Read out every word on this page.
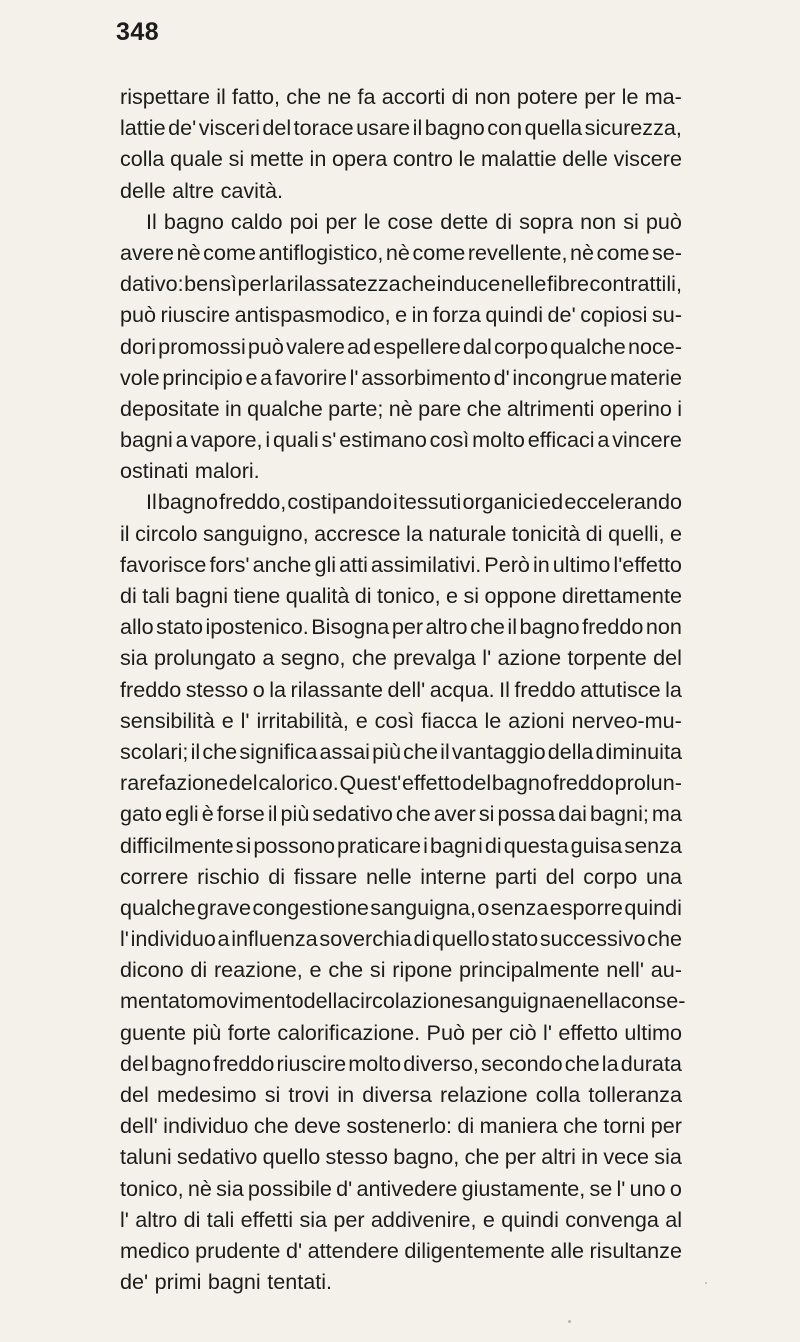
348
rispettare il fatto, che ne fa accorti di non potere per le ma-
lattie de' visceri del torace usare il bagno con quella sicurezza,
colla quale si mette in opera contro le malattie delle viscere
delle altre cavità.
Il bagno caldo poi per le cose dette di sopra non si può
avere nè come antiflogistico, nè come revellente, nè come se-
dativo: bensì per la rilassatezza che induce nelle fibre contrattili,
può riuscire antispasmodico, e in forza quindi de' copiosi su-
dori promossi può valere ad espellere dal corpo qualche noce-
vole principio e a favorire l' assorbimento d' incongrue materie
depositate in qualche parte; nè pare che altrimenti operino i
bagni a vapore, i quali s' estimano così molto efficaci a vincere
ostinati malori.
Il bagno freddo, costipando i tessuti organici ed eccelerando
il circolo sanguigno, accresce la naturale tonicità di quelli, e
favorisce fors' anche gli atti assimilativi. Però in ultimo l'effetto
di tali bagni tiene qualità di tonico, e si oppone direttamente
allo stato ipostenico. Bisogna per altro che il bagno freddo non
sia prolungato a segno, che prevalga l' azione torpente del
freddo stesso o la rilassante dell' acqua. Il freddo attutisce la
sensibilità e l' irritabilità, e così fiacca le azioni nerveo-mu-
scolari; il che significa assai più che il vantaggio della diminuita
rarefazione del calorico. Quest' effetto del bagno freddo prolun-
gato egli è forse il più sedativo che aver si possa dai bagni; ma
difficilmente si possono praticare i bagni di questa guisa senza
correre rischio di fissare nelle interne parti del corpo una
qualche grave congestione sanguigna, o senza esporre quindi
l' individuo a influenza soverchia di quello stato successivo che
dicono di reazione, e che si ripone principalmente nell' au-
mentato movimento della circolazione sanguigna e nella conse-
guente più forte calorificazione. Può per ciò l' effetto ultimo
del bagno freddo riuscire molto diverso, secondo che la durata
del medesimo si trovi in diversa relazione colla tolleranza
dell' individuo che deve sostenerlo: di maniera che torni per
taluni sedativo quello stesso bagno, che per altri in vece sia
tonico, nè sia possibile d' antivedere giustamente, se l' uno o
l' altro di tali effetti sia per addivenire, e quindi convenga al
medico prudente d' attendere diligentemente alle risultanze
de' primi bagni tentati.
